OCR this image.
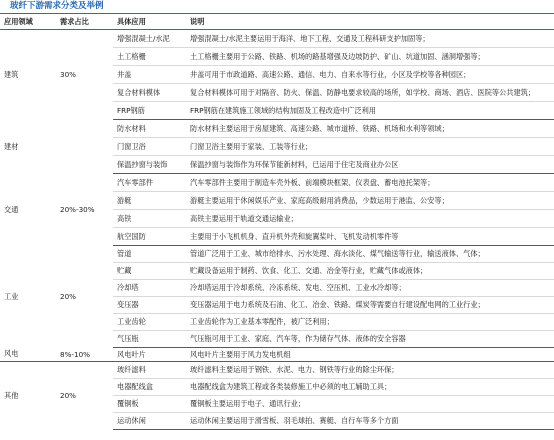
玻纤下游需求分类及举例
应用领域	需求占比	具体应用	说明
建筑	30%	增强混凝土/水泥	增强混凝土/水泥主要运用于海洋、地下工程、交通及工程科研支护加固等；
		土工格栅	土工格栅主要用于公路、铁路、机场的路基增强及边坡防护、矿山、坑道加固、涵洞增强等；
		井盖	井盖可用于市政道路、高速公路、通信、电力、自来水等行业，小区及学校等各种园区；
		复合材料模体	复合材料模体可用于对隔音、防火、保温、防静电要求较高的场所，如学校、商场、酒店、医院等公共建筑；
		FRP钢筋	FRP钢筋在建筑施工领域的结构加固及工程改造中广泛利用
建材		防水材料	防水材料主要运用于房屋建筑、高速公路、城市道桥、铁路、机场和水利等领域；
		门窗卫浴	门窗卫浴主要用于家装、工装等行业；
		保温抄窗与装饰	保温抄窗与装饰作为环保节能新材料，已运用于住宅及商业办公区
交通	20%-30%	汽车零部件	汽车零部件主要用于制造车壳外板、前端模块框架、仪表盘、蓄电池托架等；
		游艇	游艇主要运用于休闲娱乐产业、家庭高级耐用消费品，少数运用于港监、公安等；
		高铁	高铁主要运用于轨道交通运输业；
		航空国防	主要用于小飞机机身、直升机外壳和旋翼桨叶、飞机发动机零件等
工业	20%	管道	管道广泛用于工业、城市给排水、污水处理、海水淡化、煤气输送等行业，输送液体、气体；
		贮藏	贮藏设备运用于制药、饮食、化工、交通、冶金等行业，贮藏气体或液体；
		冷却塔	冷却塔运用于冷却系统、冷冻系统、发电、空压机、工业水冷却等；
		变压器	变压器运用于电力系统及石油、化工、冶金、铁路、煤炭等需要自行建设配电网的工业行业；
		工业齿轮	工业齿轮作为工业基本零配件，被广泛利用；
		气压瓶	气压瓶可用于工业、家庭、汽车等，作为储存气体、液体的安全容器
风电	8%-10%	风电叶片	风电叶片主要用于风力发电机组
其他	20%	玻纤滤料	玻纤滤料主要运用于钢铁、水泥、电力、钢铁等行业的除尘环保；
		电器配线盒	电器配线盒为建筑工程或各类装修施工中必须的电工辅助工具；
		覆铜板	覆铜板主要运用于电子、通讯行业；
		运动休闲	运动休闲主要运用于滑雪板、羽毛球拍、赛艇、自行车等多个方面
